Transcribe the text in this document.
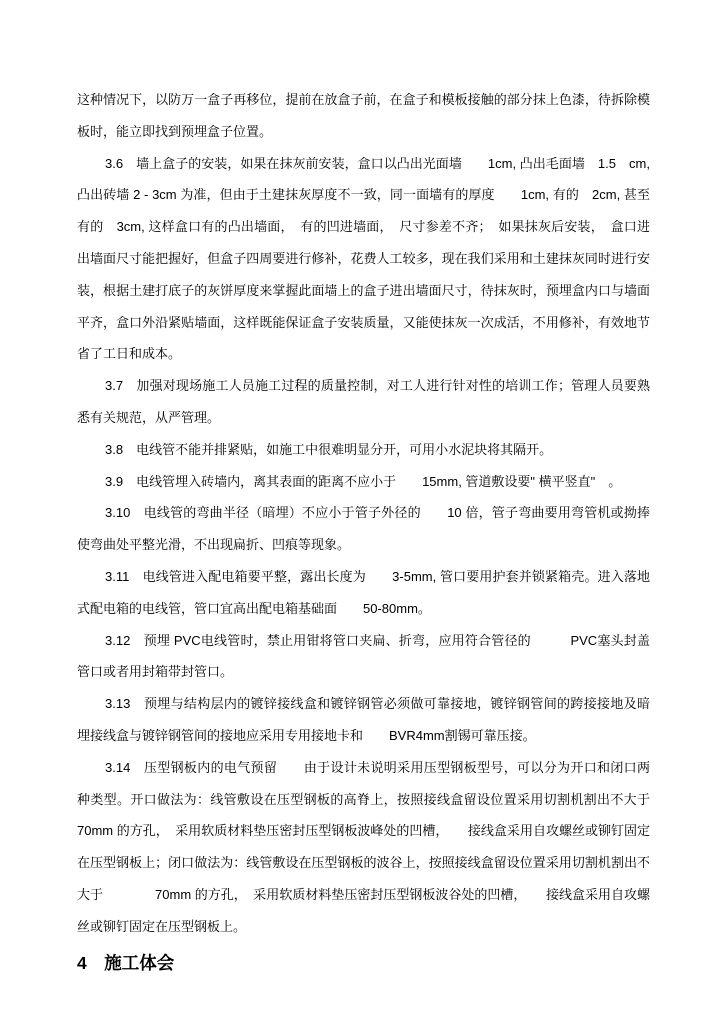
这种情况下，以防万一盒子再移位，提前在放盒子前，在盒子和模板接触的部分抹上色漆，待拆除模板时，能立即找到预埋盒子位置。

3.6　墙上盒子的安装，如果在抹灰前安装，盒口以凸出光面墙　　1cm, 凸出毛面墙　1.5　cm, 凸出砖墙 2 - 3cm 为准，但由于土建抹灰厚度不一致，同一面墙有的厚度　　1cm, 有的　2cm, 甚至有的　3cm, 这样盒口有的凸出墙面，　有的凹进墙面，　尺寸参差不齐；　如果抹灰后安装，　盒口进出墙面尺寸能把握好，但盒子四周要进行修补，花费人工较多，现在我们采用和土建抹灰同时进行安装，根据土建打底子的灰饼厚度来掌握此面墙上的盒子进出墙面尺寸，待抹灰时，预埋盒内口与墙面平齐，盒口外沿紧贴墙面，这样既能保证盒子安装质量，又能使抹灰一次成活，不用修补，有效地节省了工日和成本。

3.7　加强对现场施工人员施工过程的质量控制，对工人进行针对性的培训工作；管理人员要熟悉有关规范，从严管理。

3.8　电线管不能并排紧贴，如施工中很难明显分开，可用小水泥块将其隔开。

3.9　电线管埋入砖墙内，离其表面的距离不应小于　　15mm, 管道敷设要" 横平竖直"　。

3.10　电线管的弯曲半径（暗埋）不应小于管子外径的　　10 倍，管子弯曲要用弯管机或拗捧使弯曲处平整光滑，不出现扁折、凹痕等现象。

3.11　电线管进入配电箱要平整，露出长度为　　3-5mm, 管口要用护套并锁紧箱壳。进入落地式配电箱的电线管，管口宜高出配电箱基础面　　50-80mm。

3.12　预埋 PVC电线管时，禁止用钳将管口夹扁、折弯，应用符合管径的　　　PVC塞头封盖管口或者用封箱带封管口。

3.13　预埋与结构层内的镀锌接线盒和镀锌钢管必须做可靠接地，镀锌钢管间的跨接接地及暗埋接线盒与镀锌钢管间的接地应采用专用接地卡和　　BVR4mm割锡可靠压接。

3.14　压型钢板内的电气预留　　由于设计未说明采用压型钢板型号，可以分为开口和闭口两种类型。开口做法为：线管敷设在压型钢板的高脊上，按照接线盒留设位置采用切割机割出不大于　　　　70mm 的方孔，　采用软质材料垫压密封压型钢板波峰处的凹槽，　　接线盒采用自攻螺丝或铆钉固定在压型钢板上；闭口做法为：线管敷设在压型钢板的波谷上，按照接线盒留设位置采用切割机割出不大于　　　　70mm 的方孔，　采用软质材料垫压密封压型钢板波谷处的凹槽，　　接线盒采用自攻螺丝或铆钉固定在压型钢板上。

4　施工体会
